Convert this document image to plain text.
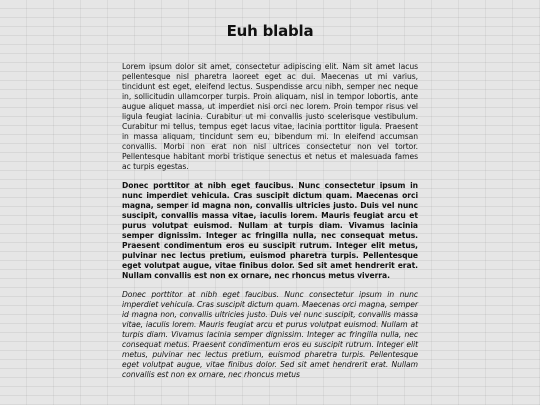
Euh blabla

Lorem ipsum dolor sit amet, consectetur adipiscing elit. Nam sit amet lacus pellentesque nisl pharetra laoreet eget ac dui. Maecenas ut mi varius, tincidunt est eget, eleifend lectus. Suspendisse arcu nibh, semper nec neque in, sollicitudin ullamcorper turpis. Proin aliquam, nisl in tempor lobortis, ante augue aliquet massa, ut imperdiet nisi orci nec lorem. Proin tempor risus vel ligula feugiat lacinia. Curabitur ut mi convallis justo scelerisque vestibulum. Curabitur mi tellus, tempus eget lacus vitae, lacinia porttitor ligula. Praesent in massa aliquam, tincidunt sem eu, bibendum mi. In eleifend accumsan convallis. Morbi non erat non nisl ultrices consectetur non vel tortor. Pellentesque habitant morbi tristique senectus et netus et malesuada fames ac turpis egestas.

Donec porttitor at nibh eget faucibus. Nunc consectetur ipsum in nunc imperdiet vehicula. Cras suscipit dictum quam. Maecenas orci magna, semper id magna non, convallis ultricies justo. Duis vel nunc suscipit, convallis massa vitae, iaculis lorem. Mauris feugiat arcu et purus volutpat euismod. Nullam at turpis diam. Vivamus lacinia semper dignissim. Integer ac fringilla nulla, nec consequat metus. Praesent condimentum eros eu suscipit rutrum. Integer elit metus, pulvinar nec lectus pretium, euismod pharetra turpis. Pellentesque eget volutpat augue, vitae finibus dolor. Sed sit amet hendrerit erat. Nullam convallis est non ex ornare, nec rhoncus metus viverra.

Donec porttitor at nibh eget faucibus. Nunc consectetur ipsum in nunc imperdiet vehicula. Cras suscipit dictum quam. Maecenas orci magna, semper id magna non, convallis ultricies justo. Duis vel nunc suscipit, convallis massa vitae, iaculis lorem. Mauris feugiat arcu et purus volutpat euismod. Nullam at turpis diam. Vivamus lacinia semper dignissim. Integer ac fringilla nulla, nec consequat metus. Praesent condimentum eros eu suscipit rutrum. Integer elit metus, pulvinar nec lectus pretium, euismod pharetra turpis. Pellentesque eget volutpat augue, vitae finibus dolor. Sed sit amet hendrerit erat. Nullam convallis est non ex ornare, nec rhoncus metus
